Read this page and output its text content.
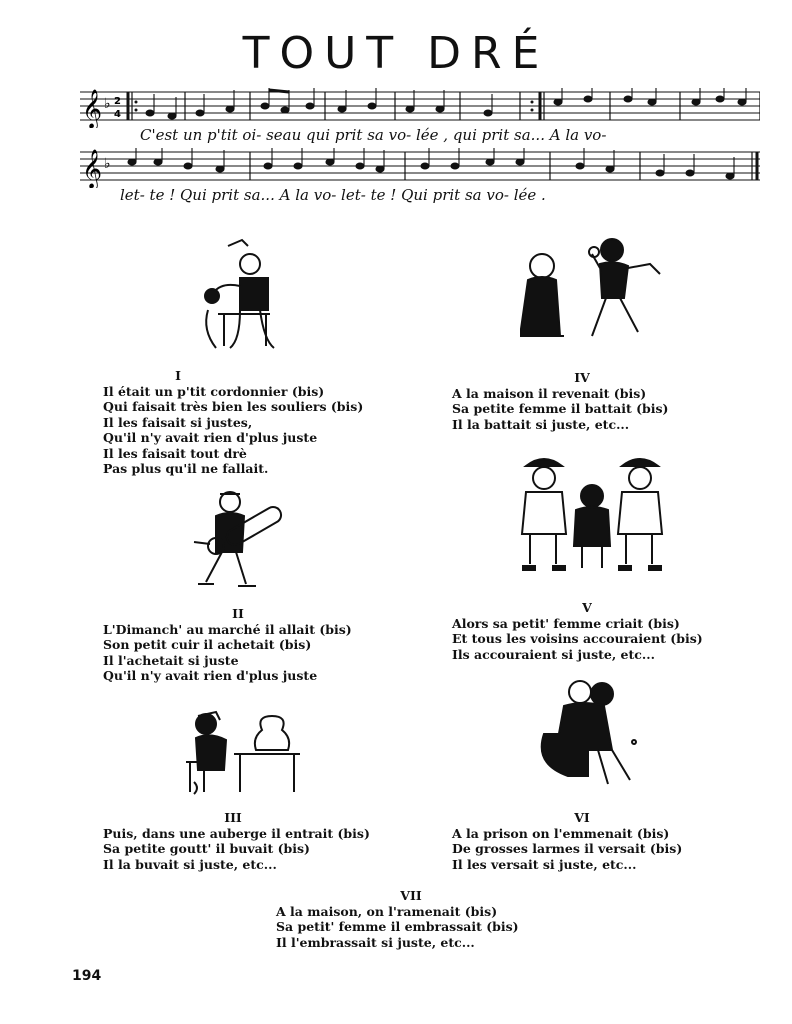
TOUT DRÉ
𝄞 ♭ 2
4
C'est un p'tit oi- seau qui prit sa vo- lée , qui prit sa... A la vo-
𝄞 ♭
let- te ! Qui prit sa... A la vo- let- te ! Qui prit sa vo- lée .
I
Il était un p'tit cordonnier (bis)
Qui faisait très bien les souliers (bis)
Il les faisait si justes,
Qu'il n'y avait rien d'plus juste
Il les faisait tout drè
Pas plus qu'il ne fallait.
II
L'Dimanch' au marché il allait (bis)
Son petit cuir il achetait (bis)
Il l'achetait si juste
Qu'il n'y avait rien d'plus juste
III
Puis, dans une auberge il entrait (bis)
Sa petite goutt' il buvait (bis)
Il la buvait si juste, etc...
IV
A la maison il revenait (bis)
Sa petite femme il battait (bis)
Il la battait si juste, etc...
V
Alors sa petit' femme criait (bis)
Et tous les voisins accouraient (bis)
Ils accouraient si juste, etc...
VI
A la prison on l'emmenait (bis)
De grosses larmes il versait (bis)
Il les versait si juste, etc...
VII
A la maison, on l'ramenait (bis)
Sa petit' femme il embrassait (bis)
Il l'embrassait si juste, etc...
194
